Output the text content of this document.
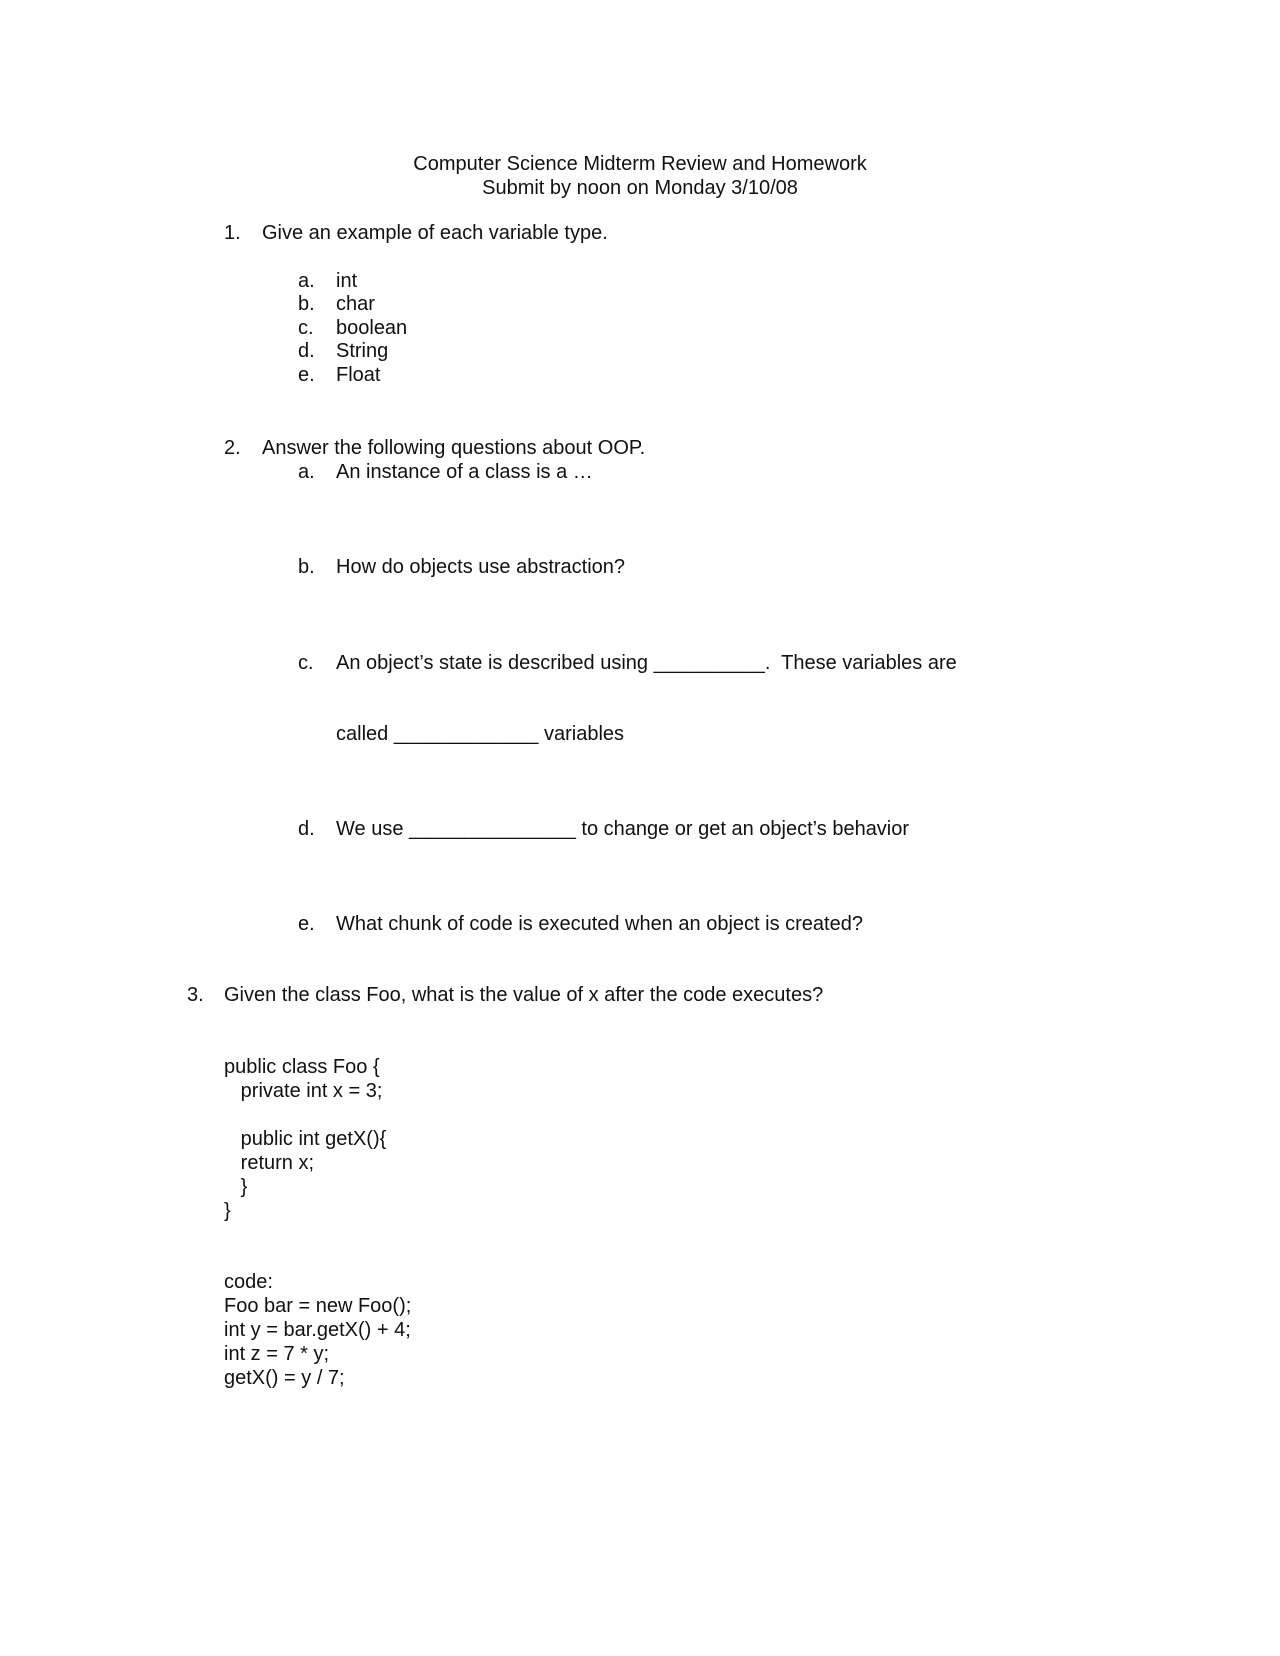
Computer Science Midterm Review and Homework
Submit by noon on Monday 3/10/08
1. Give an example of each variable type.
a. int
b. char
c. boolean
d. String
e. Float
2. Answer the following questions about OOP.
a. An instance of a class is a …
b. How do objects use abstraction?
c. An object’s state is described using __________.  These variables are
called _____________ variables
d. We use _______________ to change or get an object’s behavior
e. What chunk of code is executed when an object is created?
3. Given the class Foo, what is the value of x after the code executes?
public class Foo {
private int x = 3;
public int getX(){
return x;
}
}
code:
Foo bar = new Foo();
int y = bar.getX() + 4;
int z = 7 * y;
getX() = y / 7;
